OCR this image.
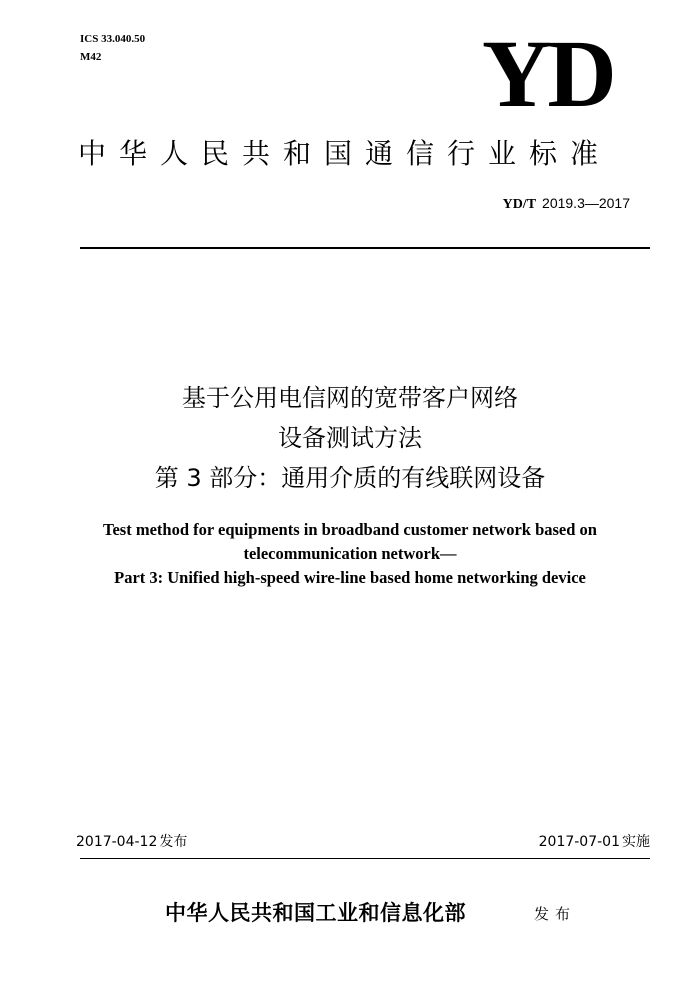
ICS 33.040.50
M42	YD
中华人民共和国通信行业标准
YD/T 2019.3—2017
基于公用电信网的宽带客户网络
设备测试方法
第 3 部分：通用介质的有线联网设备
Test method for equipments in broadband customer network based on
telecommunication network—
Part 3: Unified high-speed wire-line based home networking device
2017-04-12 发布	2017-07-01 实施
中华人民共和国工业和信息化部	发布
